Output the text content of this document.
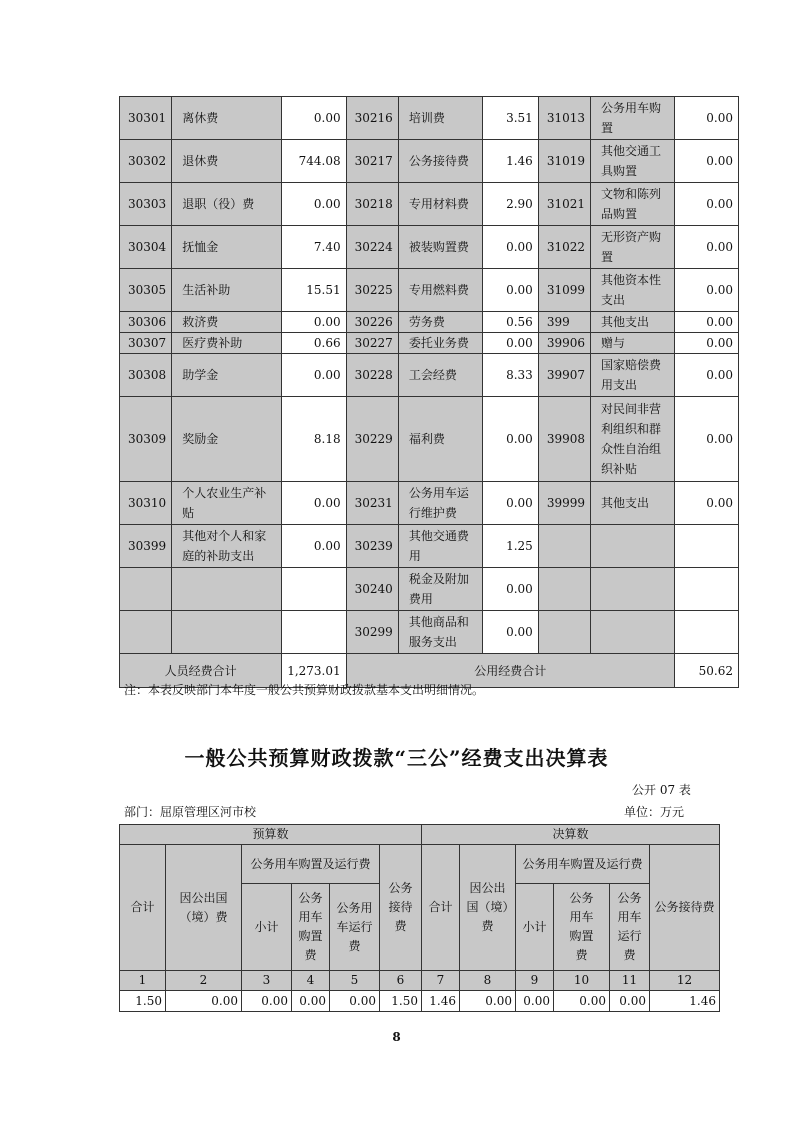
30301	离休费	0.00	30216	培训费	3.51	31013	公务用车购置	0.00
30302	退休费	744.08	30217	公务接待费	1.46	31019	其他交通工具购置	0.00
30303	退职（役）费	0.00	30218	专用材料费	2.90	31021	文物和陈列品购置	0.00
30304	抚恤金	7.40	30224	被装购置费	0.00	31022	无形资产购置	0.00
30305	生活补助	15.51	30225	专用燃料费	0.00	31099	其他资本性支出	0.00
30306	救济费	0.00	30226	劳务费	0.56	399	其他支出	0.00
30307	医疗费补助	0.66	30227	委托业务费	0.00	39906	赠与	0.00
30308	助学金	0.00	30228	工会经费	8.33	39907	国家赔偿费用支出	0.00
30309	奖励金	8.18	30229	福利费	0.00	39908	对民间非营利组织和群众性自治组织补贴	0.00
30310	个人农业生产补贴	0.00	30231	公务用车运行维护费	0.00	39999	其他支出	0.00
30399	其他对个人和家庭的补助支出	0.00	30239	其他交通费用	1.25			
			30240	税金及附加费用	0.00			
			30299	其他商品和服务支出	0.00			
人员经费合计		1,273.01	公用经费合计					50.62
注：本表反映部门本年度一般公共预算财政拨款基本支出明细情况。
一般公共预算财政拨款“三公”经费支出决算表
公开 07 表
部门：屈原管理区河市校	单位：万元
预算数						决算数					
合计	因公出国（境）费	公务用车购置及运行费			公务接待费	合计	因公出国（境）费	公务用车购置及运行费			公务接待费
		小计	公务用车购置费	公务用车运行费				小计	公务用车购置费	公务用车运行费	
1	2	3	4	5	6	7	8	9	10	11	12
1.50	0.00	0.00	0.00	0.00	1.50	1.46	0.00	0.00	0.00	0.00	1.46
8
